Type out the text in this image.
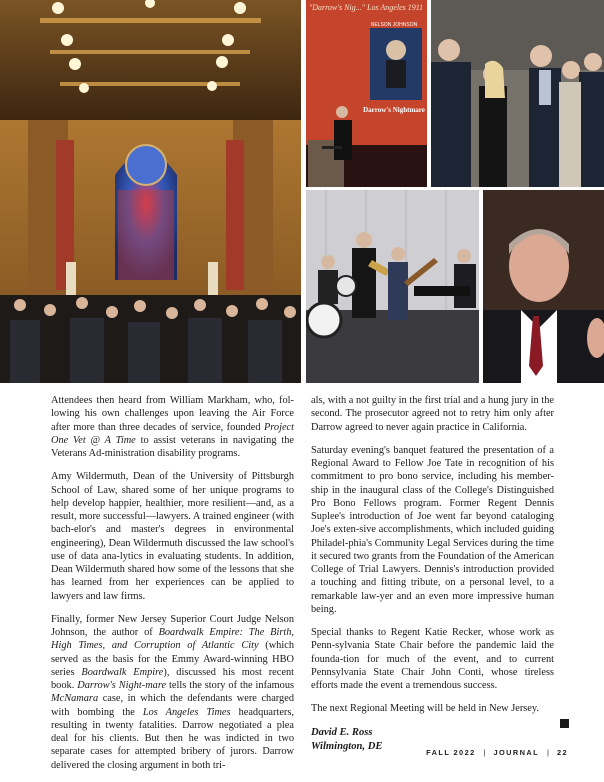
"Darrow's Nig..." Los Angeles 1911
NELSON JOHNSON
Darrow's Nightmare

Attendees then heard from William Markham, who, fol-lowing his own challenges upon leaving the Air Force after more than three decades of service, founded Project One Vet @ A Time to assist veterans in navigating the Veterans Ad-ministration disability programs.

Amy Wildermuth, Dean of the University of Pittsburgh School of Law, shared some of her unique programs to help develop happier, healthier, more resilient—and, as a result, more successful—lawyers. A trained engineer (with bach-elor's and master's degrees in environmental engineering), Dean Wildermuth discussed the law school's use of data ana-lytics in evaluating students. In addition, Dean Wildermuth shared how some of the lessons that she has learned from her experiences can be applied to lawyers and law firms.

Finally, former New Jersey Superior Court Judge Nelson Johnson, the author of Boardwalk Empire: The Birth, High Times, and Corruption of Atlantic City (which served as the basis for the Emmy Award-winning HBO series Boardwalk Empire), discussed his most recent book. Darrow's Night-mare tells the story of the infamous McNamara case, in which the defendants were charged with bombing the Los Angeles Times headquarters, resulting in twenty fatalities. Darrow negotiated a plea deal for his clients. But then he was indicted in two separate cases for attempted bribery of jurors. Darrow delivered the closing argument in both tri-

als, with a not guilty in the first trial and a hung jury in the second. The prosecutor agreed not to retry him only after Darrow agreed to never again practice in California.

Saturday evening's banquet featured the presentation of a Regional Award to Fellow Joe Tate in recognition of his commitment to pro bono service, including his member-ship in the inaugural class of the College's Distinguished Pro Bono Fellows program. Former Regent Dennis Suplee's introduction of Joe went far beyond cataloging Joe's exten-sive accomplishments, which included guiding Philadel-phia's Community Legal Services during the time it secured two grants from the Foundation of the American College of Trial Lawyers. Dennis's introduction provided a touching and fitting tribute, on a personal level, to a remarkable law-yer and an even more impressive human being.

Special thanks to Regent Katie Recker, whose work as Penn-sylvania State Chair before the pandemic laid the founda-tion for much of the event, and to current Pennsylvania State Chair John Conti, whose tireless efforts made the event a tremendous success.

The next Regional Meeting will be held in New Jersey.

David E. Ross
Wilmington, DE
FALL 2022 | JOURNAL | 22
